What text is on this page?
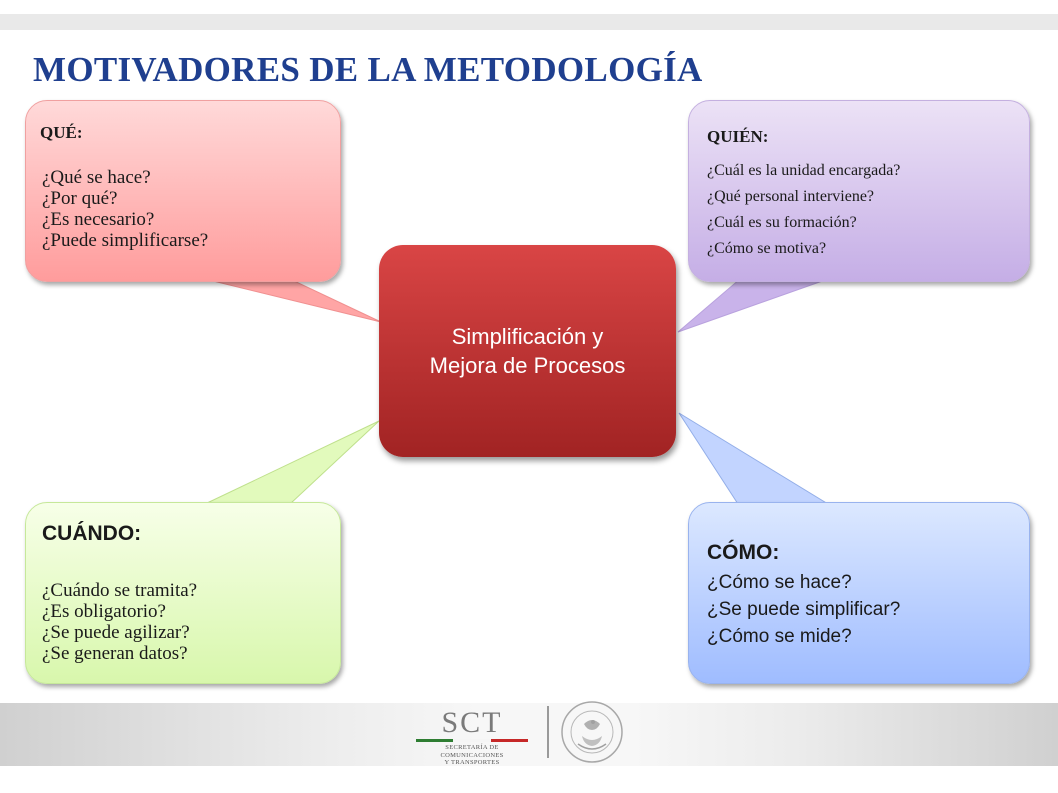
MOTIVADORES DE LA METODOLOGÍA

QUÉ:

¿Qué se hace?
¿Por qué?
¿Es necesario?
¿Puede simplificarse?

QUIÉN:

¿Cuál es la unidad encargada?
¿Qué personal interviene?
¿Cuál es su formación?
¿Cómo se motiva?

CUÁNDO:

¿Cuándo se tramita?
¿Es obligatorio?
¿Se puede agilizar?
¿Se generan datos?

CÓMO:

¿Cómo se hace?
¿Se puede simplificar?
¿Cómo se mide?
Simplificación y
Mejora de Procesos
SCT
SECRETARÍA DE
COMUNICACIONES
Y TRANSPORTES
